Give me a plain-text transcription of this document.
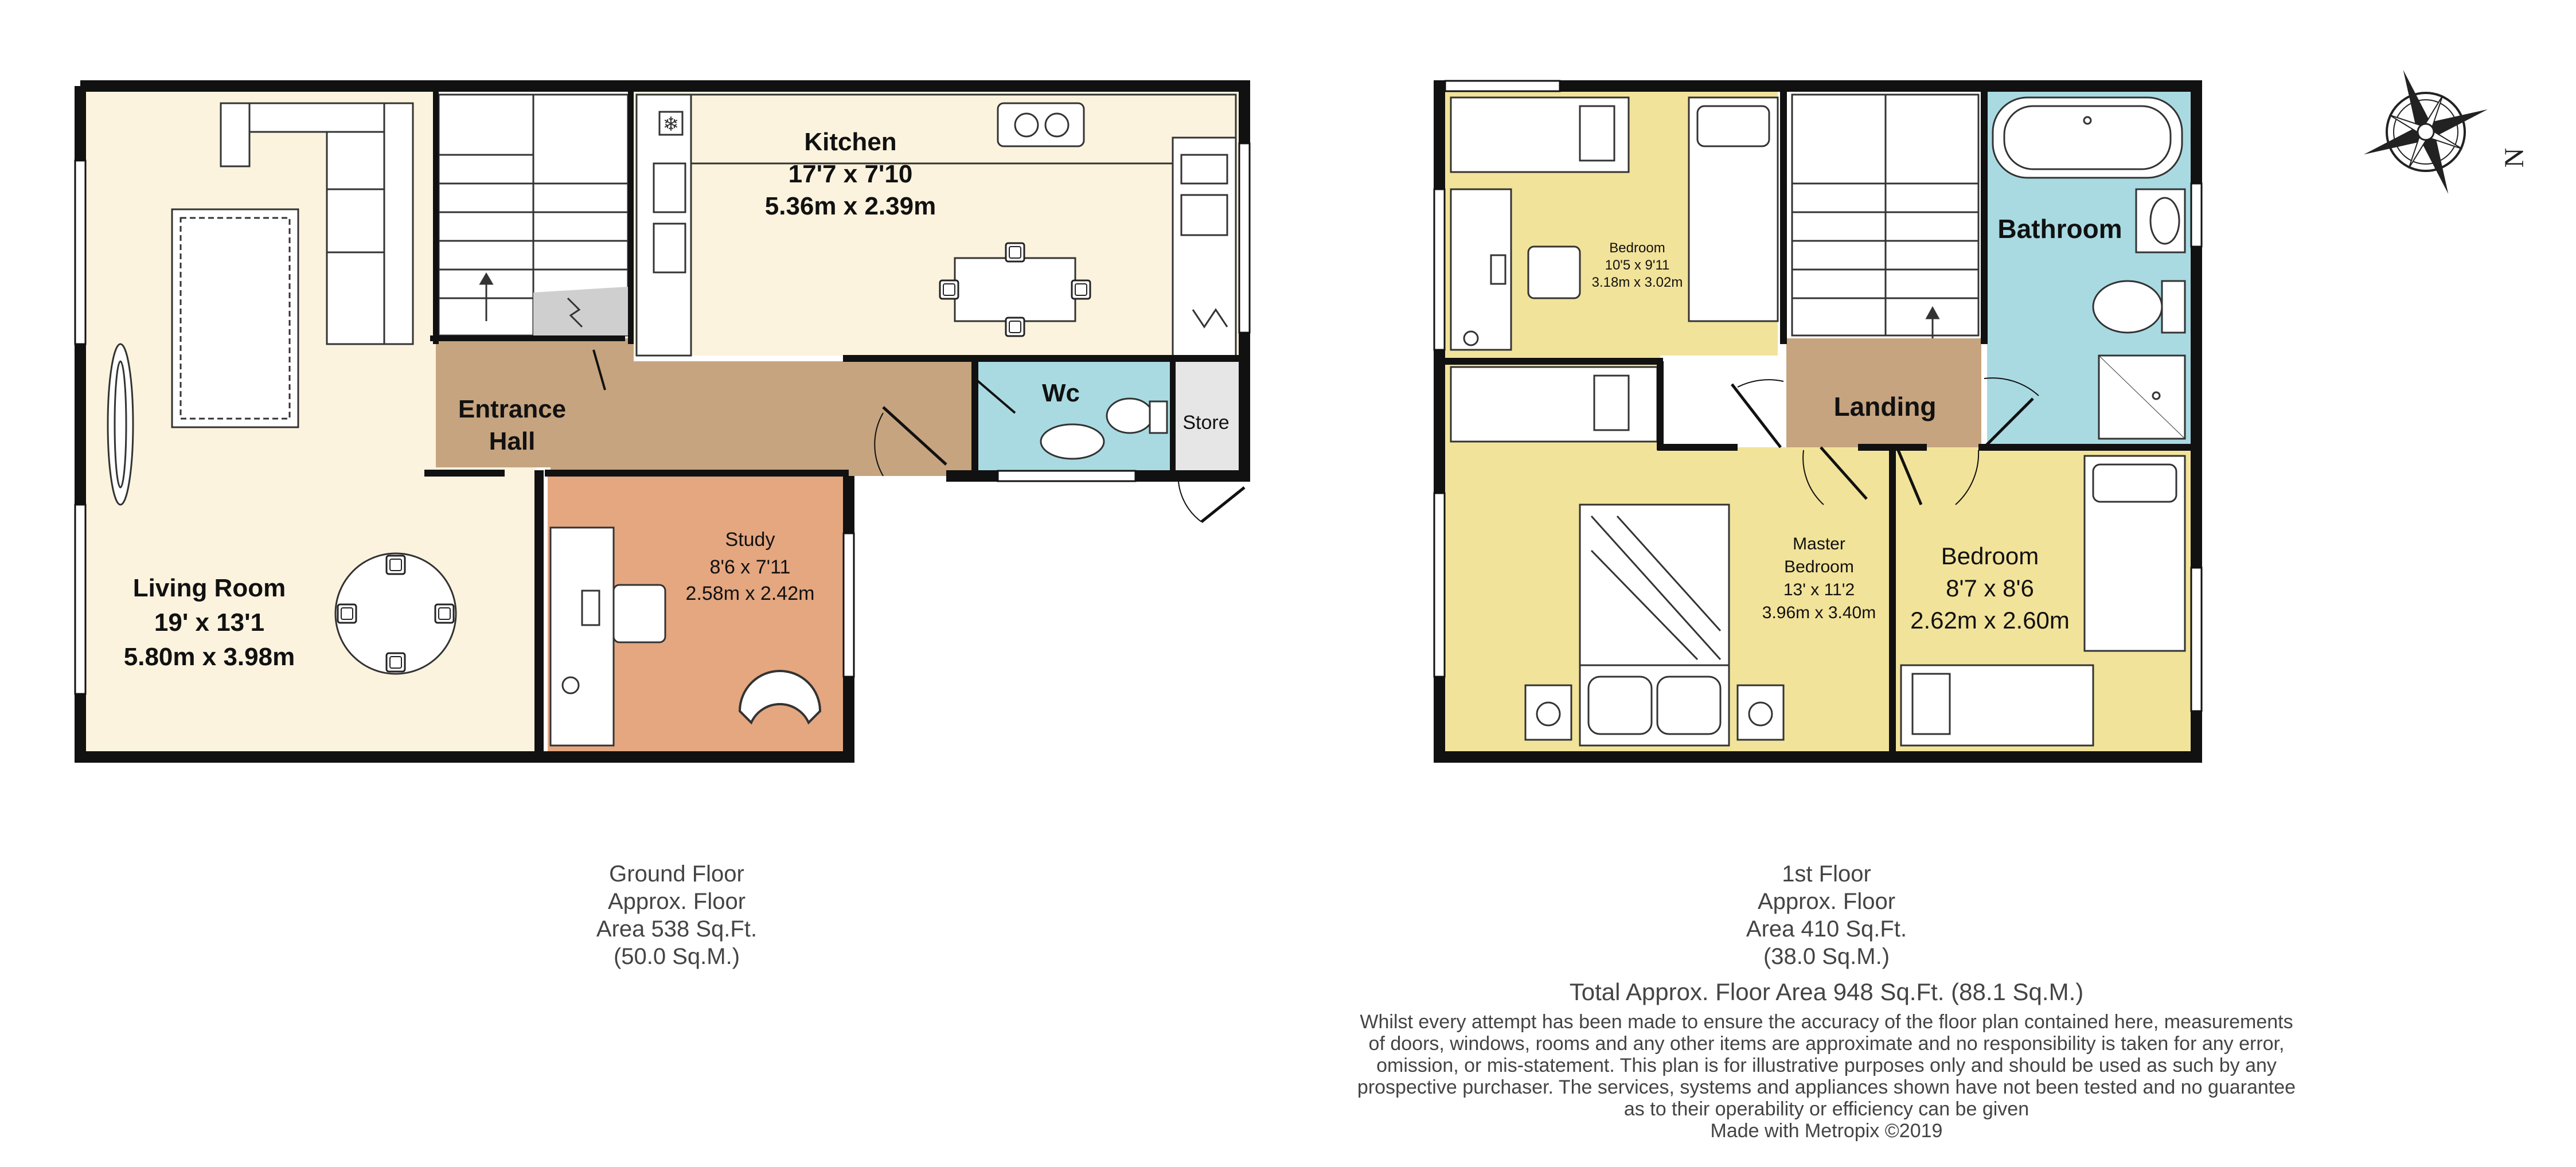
❄
Living Room
19' x 13'1
5.80m x 3.98m
Kitchen
17'7 x 7'10
5.36m x 2.39m
Entrance
Hall
Study
8'6 x 7'11
2.58m x 2.42m
Wc
Store
Bedroom
10'5 x 9'11
3.18m x 3.02m
Bathroom
Landing
Master
Bedroom
13' x 11'2
3.96m x 3.40m
Bedroom
8'7 x 8'6
2.62m x 2.60m
N
Ground Floor
Approx. Floor
Area 538 Sq.Ft.
(50.0 Sq.M.)
1st Floor
Approx. Floor
Area 410 Sq.Ft.
(38.0 Sq.M.)
Total Approx. Floor Area 948 Sq.Ft. (88.1 Sq.M.)
Whilst every attempt has been made to ensure the accuracy of the floor plan contained here, measurements
of doors, windows, rooms and any other items are approximate and no responsibility is taken for any error,
omission, or mis-statement. This plan is for illustrative purposes only and should be used as such by any
prospective purchaser. The services, systems and appliances shown have not been tested and no guarantee
as to their operability or efficiency can be given
Made with Metropix ©2019
